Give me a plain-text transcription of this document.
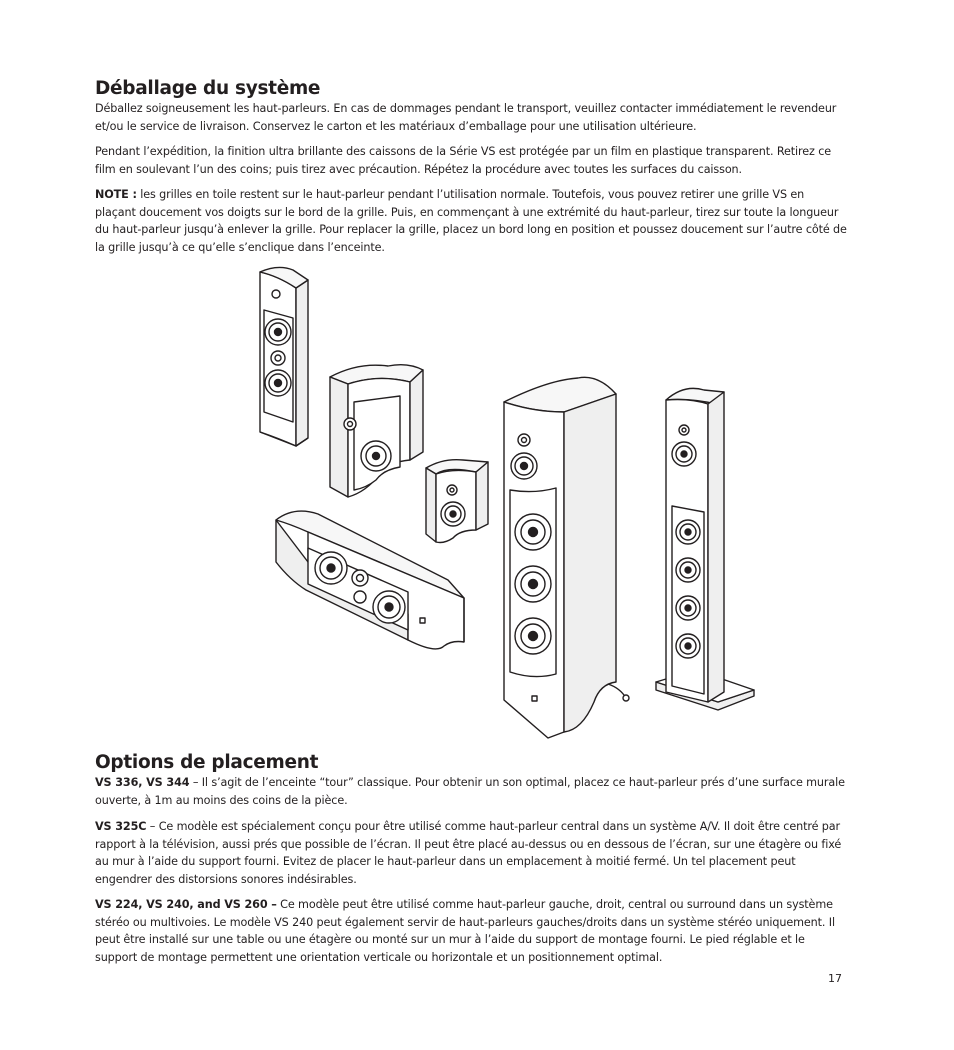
Déballage du système

Déballez soigneusement les haut-parleurs. En cas de dommages pendant le transport, veuillez contacter immédiatement le revendeur et/ou le service de livraison. Conservez le carton et les matériaux d’emballage pour une utilisation ultérieure.

Pendant l’expédition, la finition ultra brillante des caissons de la Série VS est protégée par un film en plastique transparent. Retirez ce film en soulevant l’un des coins; puis tirez avec précaution. Répétez la procédure avec toutes les surfaces du caisson.

NOTE : les grilles en toile restent sur le haut-parleur pendant l’utilisation normale. Toutefois, vous pouvez retirer une grille VS en plaçant doucement vos doigts sur le bord de la grille. Puis, en commençant à une extrémité du haut-parleur, tirez sur toute la longueur du haut-parleur jusqu’à enlever la grille. Pour replacer la grille, placez un bord long en position et poussez doucement sur l’autre côté de la grille jusqu’à ce qu’elle s’enclique dans l’enceinte.

Options de placement

VS 336, VS 344 – Il s’agit de l’enceinte “tour” classique. Pour obtenir un son optimal, placez ce haut-parleur prés d’une surface murale ouverte, à 1m au moins des coins de la pièce.

VS 325C – Ce modèle est spécialement conçu pour être utilisé comme haut-parleur central dans un système A/V. Il doit être centré par rapport à la télévision, aussi prés que possible de l’écran. Il peut être placé au-dessus ou en dessous de l’écran, sur une étagère ou fixé au mur à l’aide du support fourni. Evitez de placer le haut-parleur dans un emplacement à moitié fermé. Un tel placement peut engendrer des distorsions sonores indésirables.

VS 224, VS 240, and VS 260 – Ce modèle peut être utilisé comme haut-parleur gauche, droit, central ou surround dans un système stéréo ou multivoies. Le modèle VS 240 peut également servir de haut-parleurs gauches/droits dans un système stéréo uniquement. Il peut être installé sur une table ou une étagère ou monté sur un mur à l’aide du support de montage fourni. Le pied réglable et le support de montage permettent une orientation verticale ou horizontale et un positionnement optimal.

17
